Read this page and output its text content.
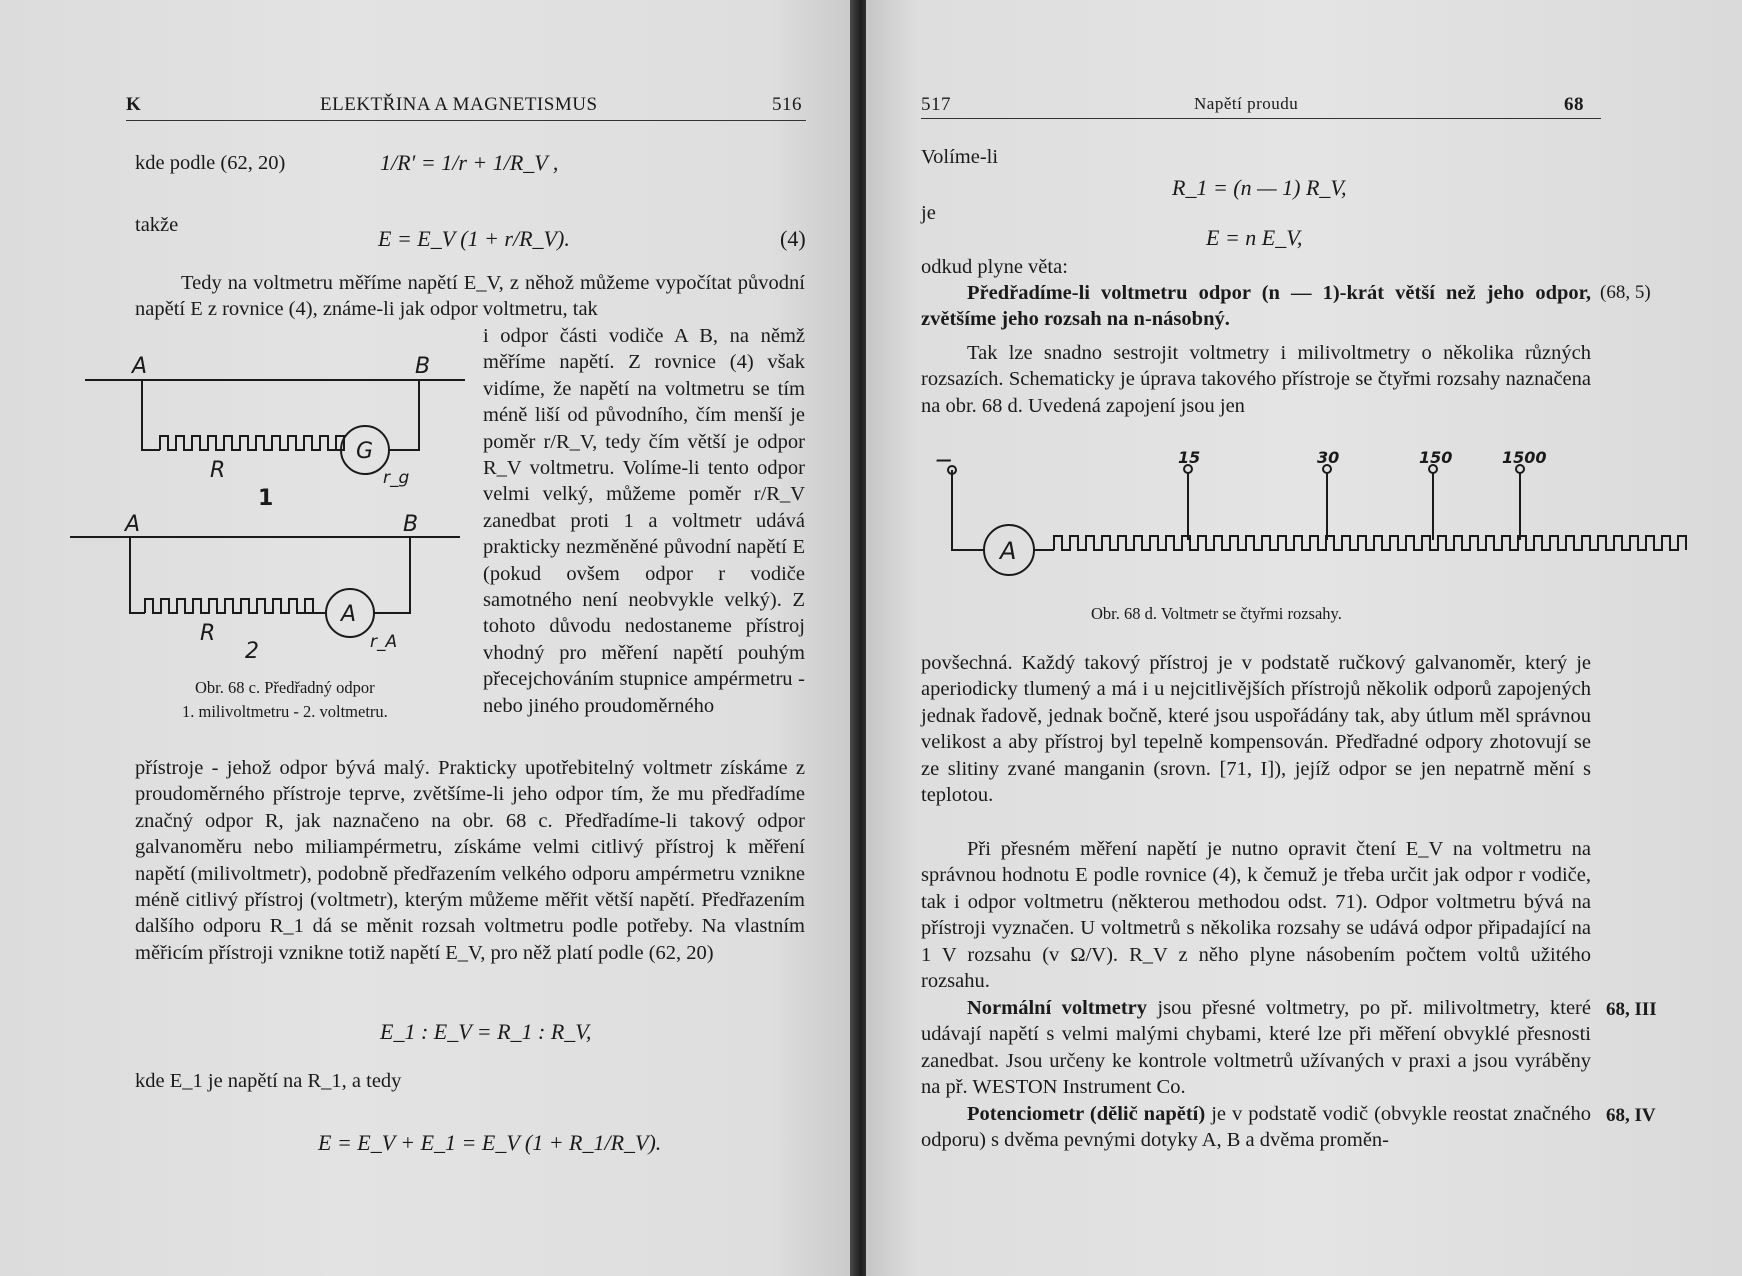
K	ELEKTŘINA A MAGNETISMUS	516
kde podle (62, 20)	1/R′ = 1/r + 1/R_V ,
takže
E = E_V (1 + r/R_V).	(4)

Tedy na voltmetru měříme napětí E_V, z něhož můžeme vypočítat původní napětí E z rovnice (4), známe-li jak odpor voltmetru, tak

i odpor části vodiče A B, na němž měříme napětí. Z rovnice (4) však vidíme, že napětí na voltmetru se tím méně liší od původního, čím menší je poměr r/R_V, tedy čím větší je odpor R_V voltmetru. Volíme-li tento odpor velmi velký, můžeme poměr r/R_V zanedbat proti 1 a voltmetr udává prakticky nezměněné původní napětí E (pokud ovšem odpor r vodiče samotného není neobvykle velký). Z tohoto důvodu nedostaneme přístroj vhodný pro měření napětí pouhým přecejchováním stupnice ampérmetru - nebo jiného proudoměrného

A	B
R
G
r_g
1
A	B
R
A
r_A
2
Obr. 68 c. Předřadný odpor
1. milivoltmetru - 2. voltmetru.

přístroje - jehož odpor bývá malý. Prakticky upotřebitelný voltmetr získáme z proudoměrného přístroje teprve, zvětšíme-li jeho odpor tím, že mu předřadíme značný odpor R, jak naznačeno na obr. 68 c. Předřadíme-li takový odpor galvanoměru nebo miliampérmetru, získáme velmi citlivý přístroj k měření napětí (milivoltmetr), podobně předřazením velkého odporu ampérmetru vznikne méně citlivý přístroj (voltmetr), kterým můžeme měřit větší napětí. Předřazením dalšího odporu R_1 dá se měnit rozsah voltmetru podle potřeby. Na vlastním měřicím přístroji vznikne totiž napětí E_V, pro něž platí podle (62, 20)

E_1 : E_V = R_1 : R_V,
kde E_1 je napětí na R_1, a tedy
E = E_V + E_1 = E_V (1 + R_1/R_V).
517	Napětí proudu	68
Volíme-li
R_1 = (n — 1) R_V,
je
E = n E_V,
odkud plyne věta:

Předřadíme-li voltmetru odpor (n — 1)-krát větší než jeho odpor, zvětšíme jeho rozsah na n-násobný.

(68, 5)

Tak lze snadno sestrojit voltmetry i milivoltmetry o několika různých rozsazích. Schematicky je úprava takového přístroje se čtyřmi rozsahy naznačena na obr. 68 d. Uvedená zapojení jsou jen

—
A
15	30	150	1500
Obr. 68 d. Voltmetr se čtyřmi rozsahy.

povšechná. Každý takový přístroj je v podstatě ručkový galvanoměr, který je aperiodicky tlumený a má i u nejcitlivějších přístrojů několik odporů zapojených jednak řadově, jednak bočně, které jsou uspořádány tak, aby útlum měl správnou velikost a aby přístroj byl tepelně kompensován. Předřadné odpory zhotovují se ze slitiny zvané manganin (srovn. [71, I]), jejíž odpor se jen nepatrně mění s teplotou.

Při přesném měření napětí je nutno opravit čtení E_V na voltmetru na správnou hodnotu E podle rovnice (4), k čemuž je třeba určit jak odpor r vodiče, tak i odpor voltmetru (některou methodou odst. 71). Odpor voltmetru bývá na přístroji vyznačen. U voltmetrů s několika rozsahy se udává odpor připadající na 1 V rozsahu (v Ω/V). R_V z něho plyne násobením počtem voltů užitého rozsahu.

Normální voltmetry jsou přesné voltmetry, po př. milivoltmetry, které udávají napětí s velmi malými chybami, které lze při měření obvyklé přesnosti zanedbat. Jsou určeny ke kontrole voltmetrů užívaných v praxi a jsou vyráběny na př. WESTON Instrument Co.

68, III

Potenciometr (dělič napětí) je v podstatě vodič (obvykle reostat značného odporu) s dvěma pevnými dotyky A, B a dvěma proměn-

68, IV
